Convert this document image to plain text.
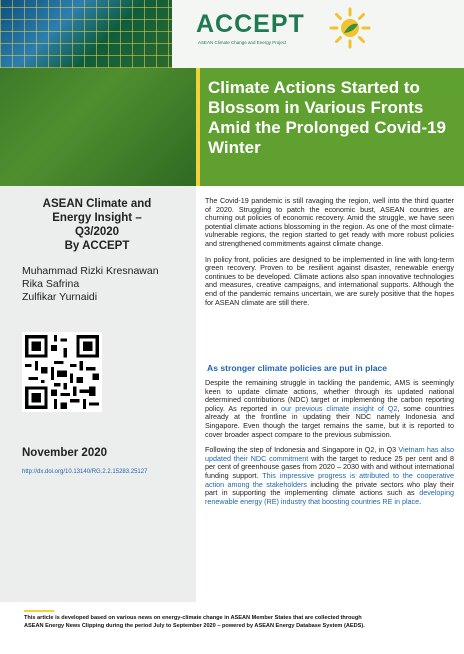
ACCEPT
ASEAN Climate Change and Energy Project
Climate Actions Started to Blossom in Various Fronts Amid the Prolonged Covid-19 Winter
ASEAN Climate and
Energy Insight –
Q3/2020
By ACCEPT
Muhammad Rizki Kresnawan
Rika Safrina
Zulfikar Yurnaidi
November 2020
http://dx.doi.org/10.13140/RG.2.2.15283.25127

The Covid-19 pandemic is still ravaging the region, well into the third quarter of 2020. Struggling to patch the economic bust, ASEAN countries are churning out policies of economic recovery. Amid the struggle, we have seen potential climate actions blossoming in the region. As one of the most climate-vulnerable regions, the region started to get ready with more robust policies and strengthened commitments against climate change.

In policy front, policies are designed to be implemented in line with long-term green recovery. Proven to be resilient against disaster, renewable energy continues to be developed. Climate actions also span innovative technologies and measures, creative campaigns, and international supports. Although the end of the pandemic remains uncertain, we are surely positive that the hopes for ASEAN climate are still there.

As stronger climate policies are put in place

Despite the remaining struggle in tackling the pandemic, AMS is seemingly keen to update climate actions, whether through its updated national determined contributions (NDC) target or implementing the carbon reporting policy. As reported in our previous climate insight of Q2, some countries already at the frontline in updating their NDC namely Indonesia and Singapore. Even though the target remains the same, but it is reported to cover broader aspect compare to the previous submission.

Following the step of Indonesia and Singapore in Q2, in Q3 Vietnam has also updated their NDC commitment with the target to reduce 25 per cent and 8 per cent of greenhouse gases from 2020 – 2030 with and without international funding support. This impressive progress is attributed to the cooperative action among the stakeholders including the private sectors who play their part in supporting the implementing climate actions such as developing renewable energy (RE) industry that boosting countries RE in place.

This article is developed based on various news on energy-climate change in ASEAN Member States that are collected through
ASEAN Energy News Clipping during the period July to September 2020 – powered by ASEAN Energy Database System (AEDS).
